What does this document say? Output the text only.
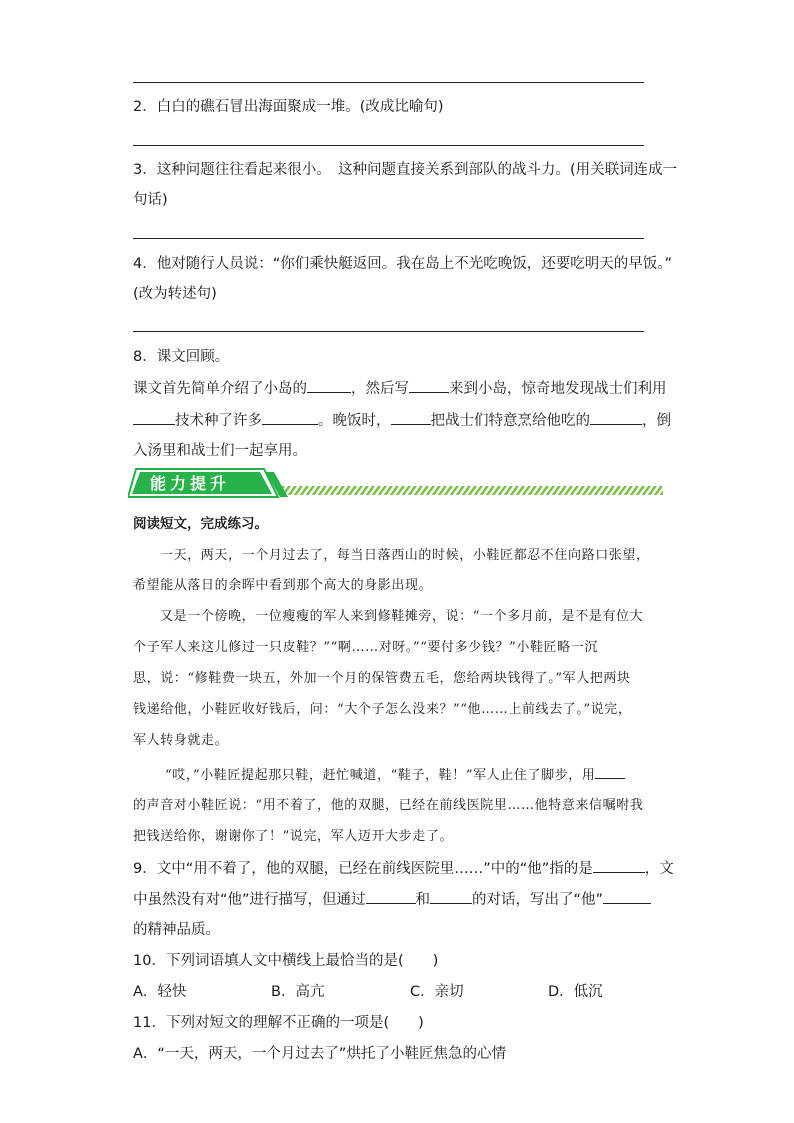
2．白白的礁石冒出海面聚成一堆。(改成比喻句)
3．这种问题往往看起来很小。　这种问题直接关系到部队的战斗力。(用关联词连成一
句话)
4．他对随行人员说：“你们乘快艇返回。我在岛上不光吃晚饭，还要吃明天的早饭。”
(改为转述句)
8．课文回顾。
课文首先简单介绍了小岛的	，然后写	来到小岛，惊奇地发现战士们利用
技术种了许多	。晚饭时，	把战士们特意烹给他吃的	，倒
入汤里和战士们一起享用。
能力提升
阅读短文，完成练习。
一天，两天，一个月过去了，每当日落西山的时候，小鞋匠都忍不住向路口张望，
希望能从落日的余晖中看到那个高大的身影出现。
又是一个傍晚，一位瘦瘦的军人来到修鞋摊旁，说：“一个多月前，是不是有位大
个子军人来这儿修过一只皮鞋？”“啊……对呀。”“要付多少钱？”小鞋匠略一沉
思，说：“修鞋费一块五，外加一个月的保管费五毛，您给两块钱得了。”军人把两块
钱递给他，小鞋匠收好钱后，问：“大个子怎么没来？”“他……上前线去了。”说完，
军人转身就走。
“哎，”小鞋匠提起那只鞋，赶忙喊道，“鞋子，鞋！”军人止住了脚步，用
的声音对小鞋匠说：“用不着了，他的双腿，已经在前线医院里……他特意来信嘱咐我
把钱送给你，谢谢你了！”说完，军人迈开大步走了。
9．文中“用不着了，他的双腿，已经在前线医院里……”中的“他”指的是	，文
中虽然没有对“他”进行描写，但通过	和	的对话，写出了“他”
的精神品质。
10．下列词语填人文中横线上最恰当的是(　　)
A．轻快	B．高亢	C．亲切	D．低沉
11．下列对短文的理解不正确的一项是(　　)
A．“一天，两天，一个月过去了”烘托了小鞋匠焦急的心情
